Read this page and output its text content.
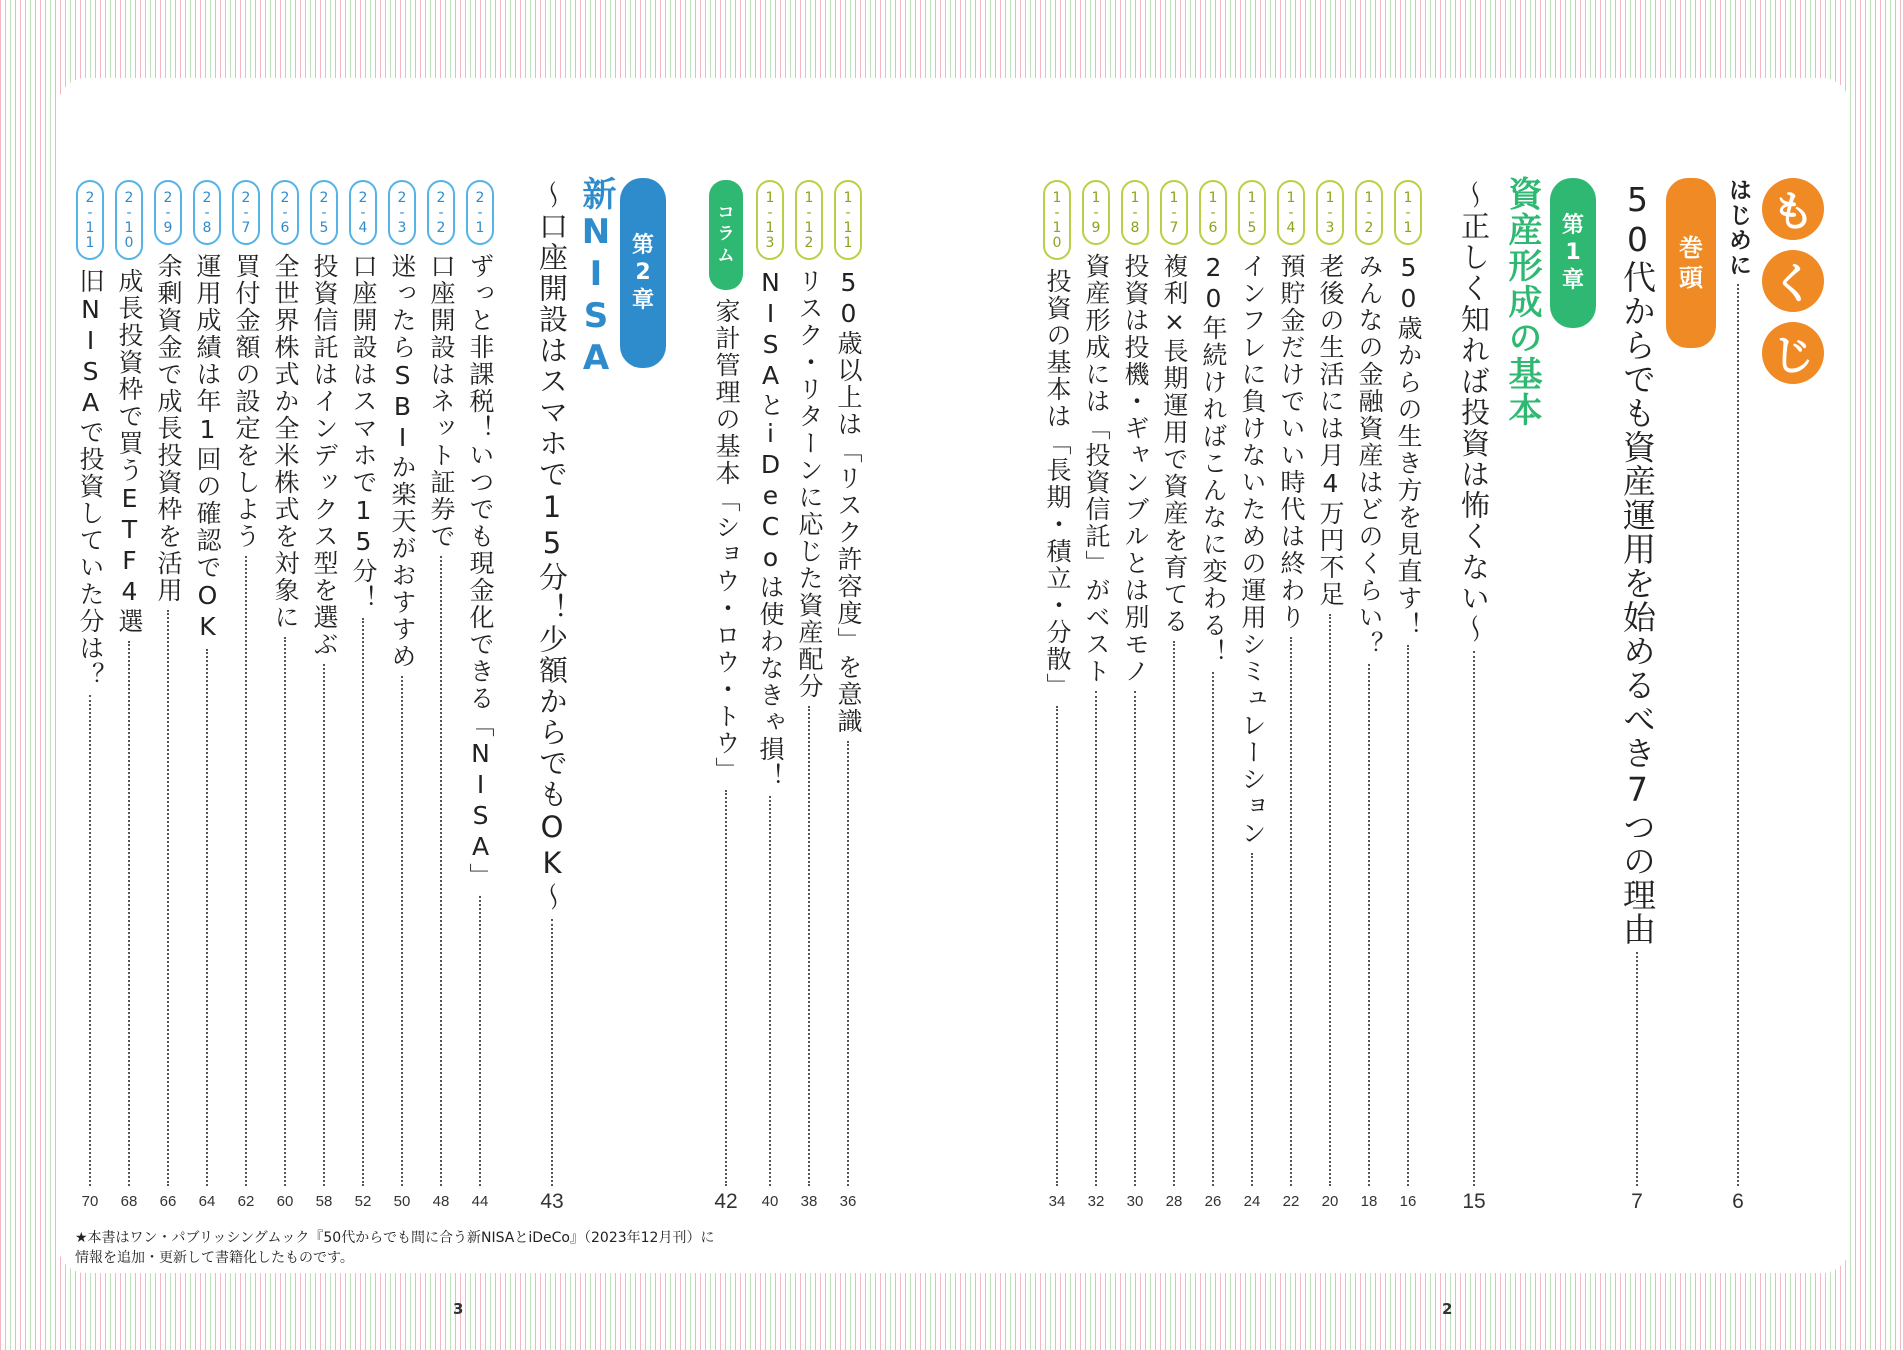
も
く
じ
はじめに
6
巻
頭
50代からでも資産運用を始めるべき7つの理由
7
第
1
章
資産形成の基本
〜正しく知れば投資は怖くない〜
15
1-1
50歳からの生き方を見直す！
16
1-2
みんなの金融資産はどのくらい？
18
1-3
老後の生活には月4万円不足
20
1-4
預貯金だけでいい時代は終わり
22
1-5
インフレに負けないための運用シミュレーション
24
1-6
20年続ければこんなに変わる！
26
1-7
複利×長期運用で資産を育てる
28
1-8
投資は投機・ギャンブルとは別モノ
30
1-9
資産形成には「投資信託」がベスト
32
1-10
投資の基本は「長期・積立・分散」
34
1-11
50歳以上は「リスク許容度」を意識
36
1-12
リスク・リターンに応じた資産配分
38
1-13
NISAとiDeCoは使わなきゃ損！
40
コ
ラ
ム
家計管理の基本「ショウ・ロウ・トウ」
42
第
2
章
新NISA
〜口座開設はスマホで15分！少額からでもOK〜
43
2-1
ずっと非課税！いつでも現金化できる「NISA」
44
2-2
口座開設はネット証券で
48
2-3
迷ったらSBIか楽天がおすすめ
50
2-4
口座開設はスマホで15分！
52
2-5
投資信託はインデックス型を選ぶ
58
2-6
全世界株式か全米株式を対象に
60
2-7
買付金額の設定をしよう
62
2-8
運用成績は年1回の確認でOK
64
2-9
余剰資金で成長投資枠を活用
66
2-10
成長投資枠で買うETF4選
68
2-11
旧NISAで投資していた分は？
70
★本書はワン・パブリッシングムック『50代からでも間に合う新NISAとiDeCo』（2023年12月刊）に
情報を追加・更新して書籍化したものです。
3	2
